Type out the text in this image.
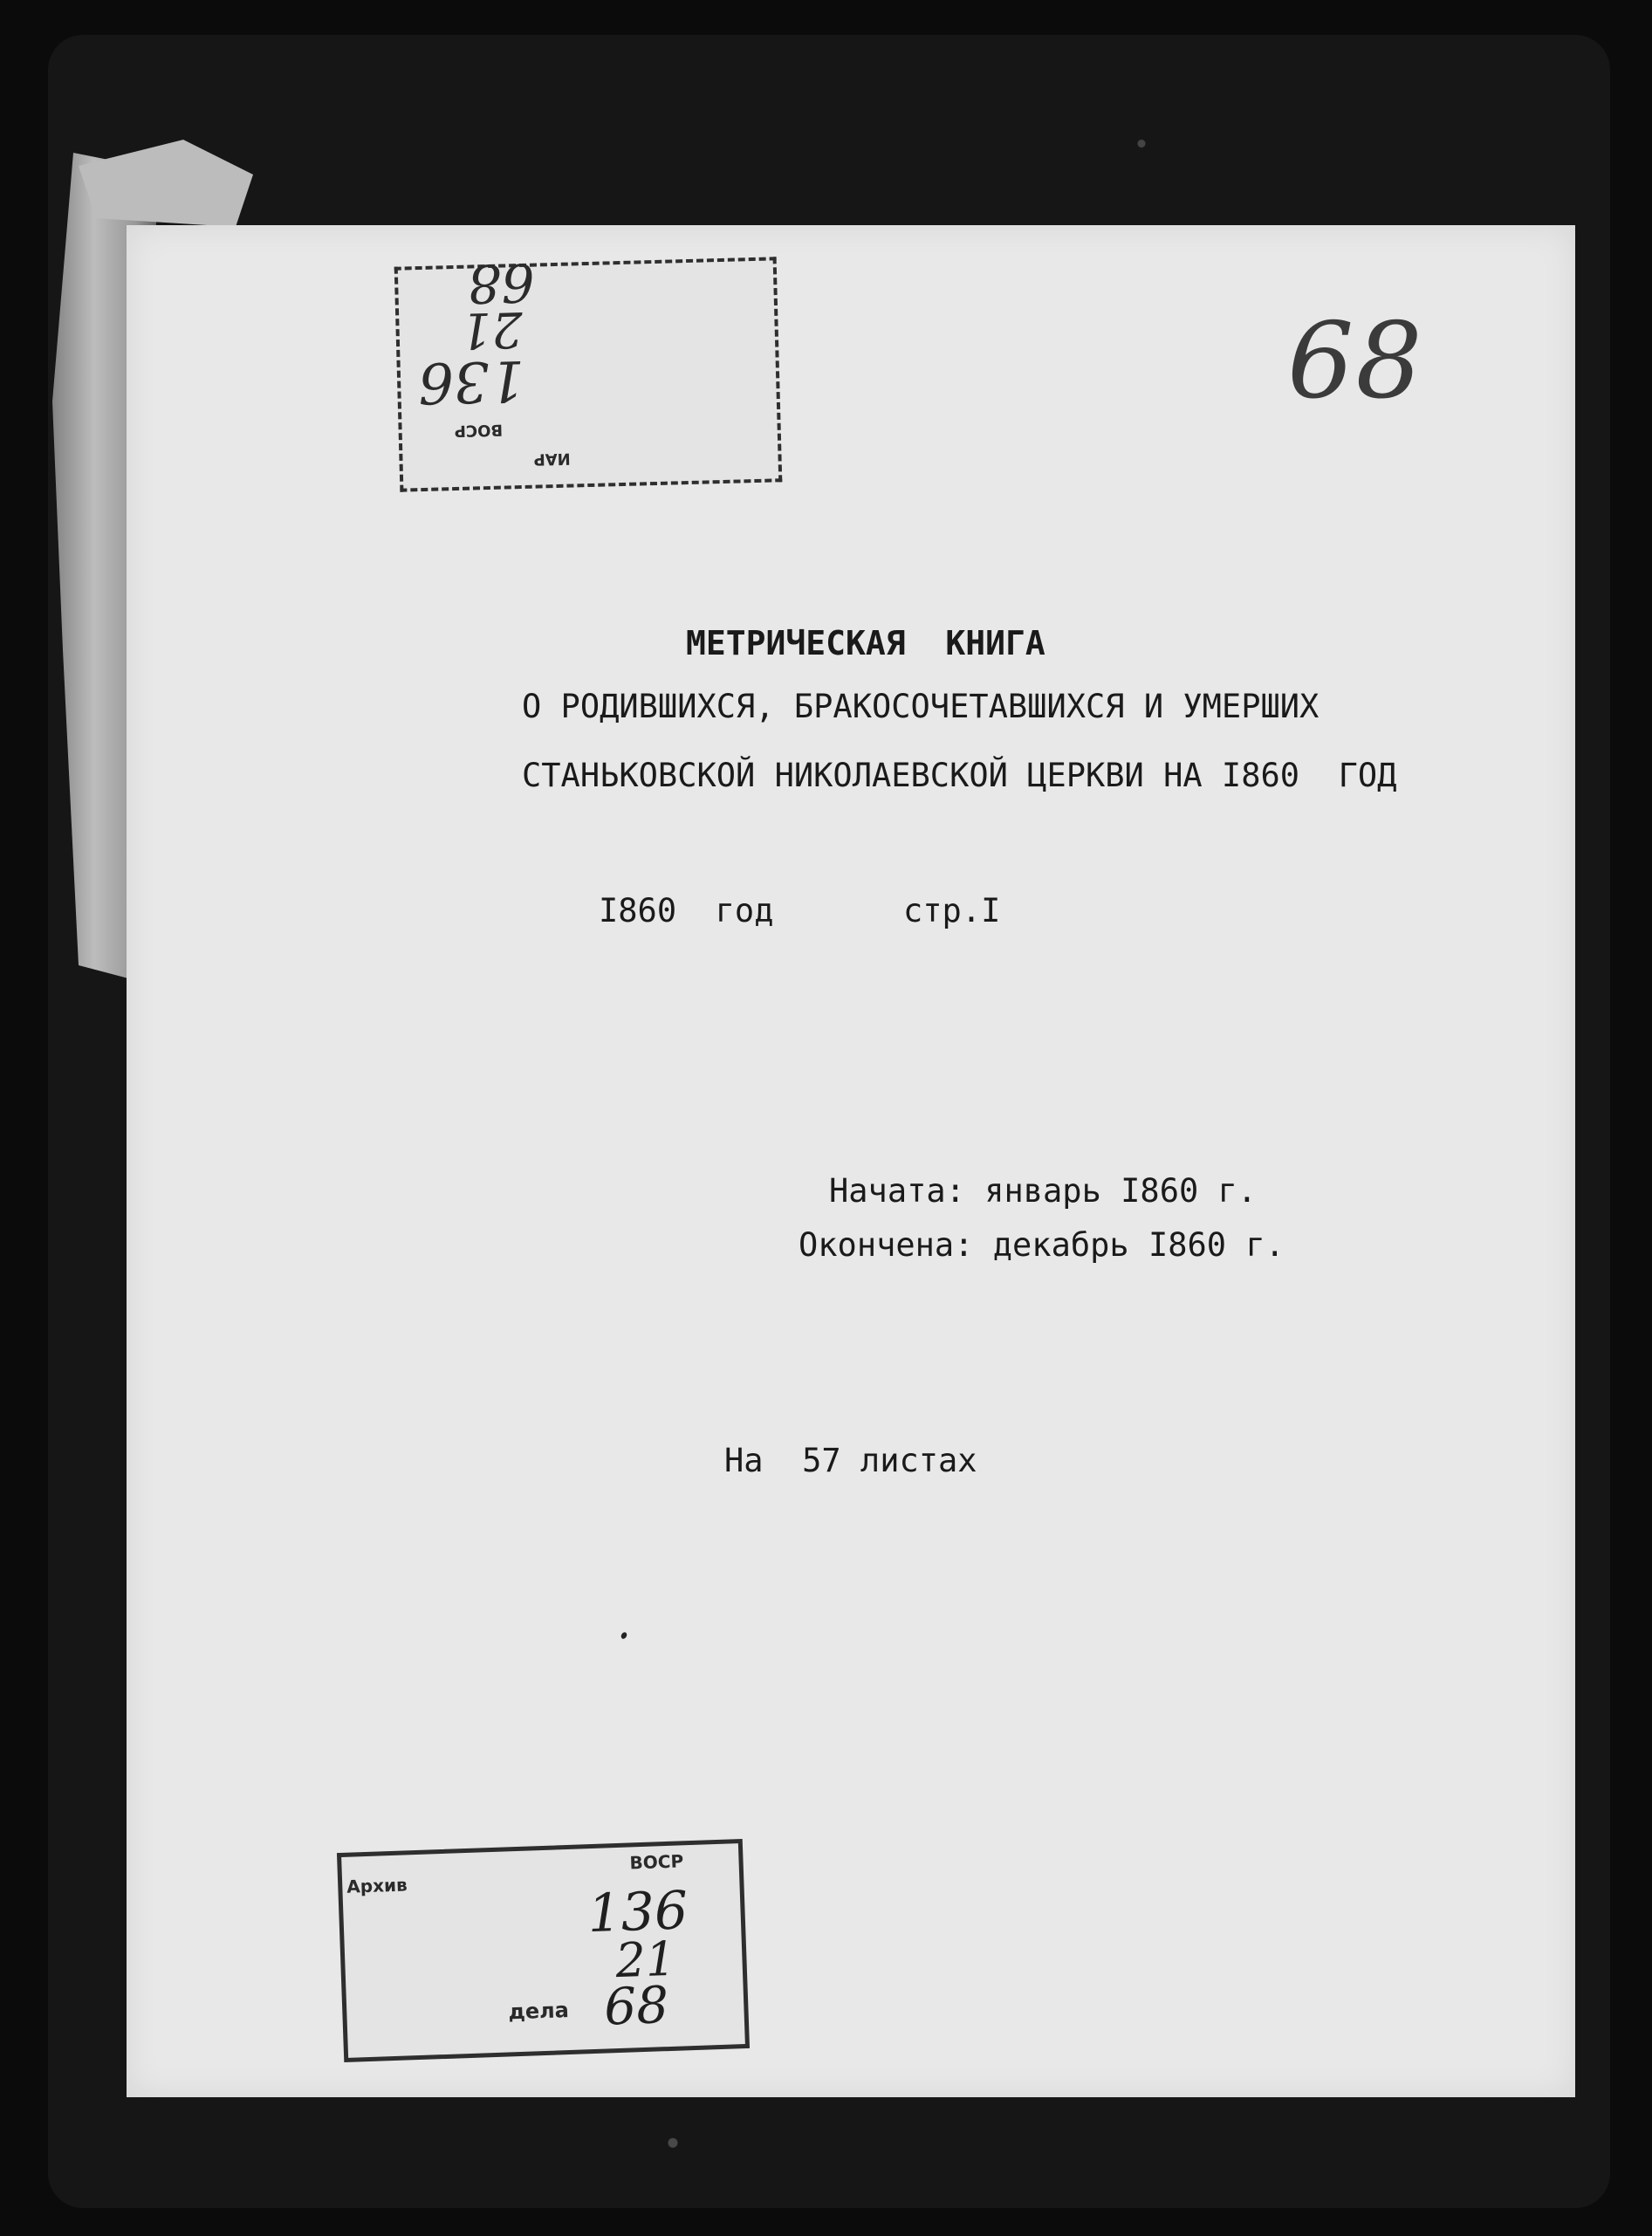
68
68
21
136
ВОСР
ИАР
МЕТРИЧЕСКАЯ  КНИГА
О РОДИВШИХСЯ, БРАКОСОЧЕТАВШИХСЯ И УМЕРШИХ
СТАНЬКОВСКОЙ НИКОЛАЕВСКОЙ ЦЕРКВИ НА I860  ГОД
I860  год	стр.I
Начата: январь I860 г.
Окончена: декабрь I860 г.
На  57 листах
Архив
ВОСР
136
21
дела 68
